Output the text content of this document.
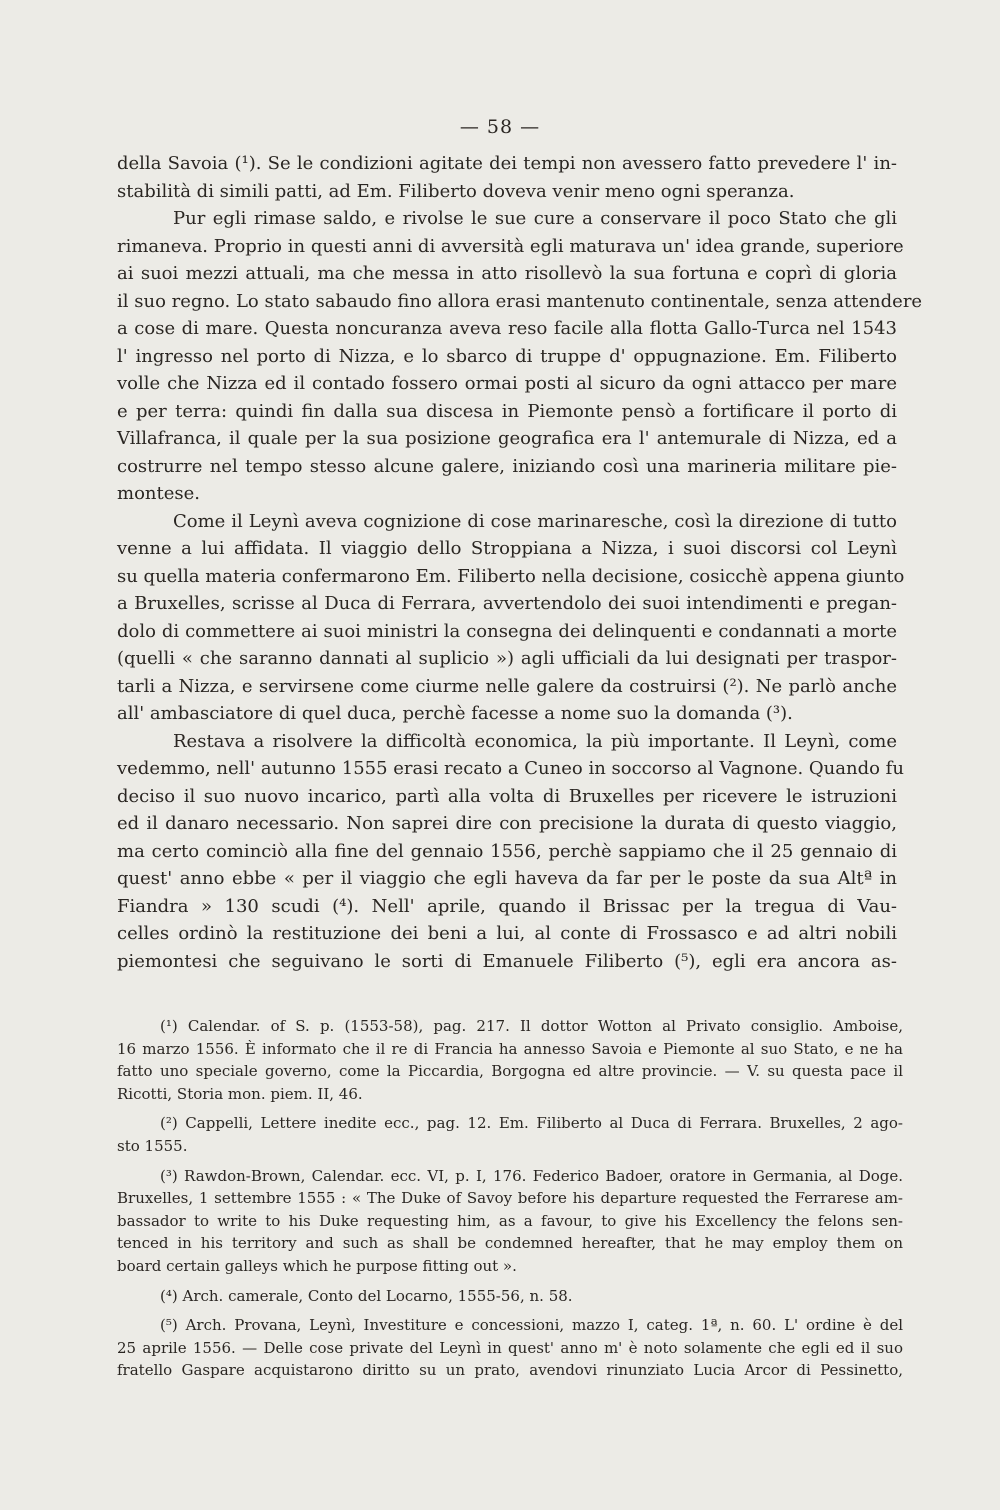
— 58 —
della Savoia (¹). Se le condizioni agitate dei tempi non avessero fatto prevedere l' in-
stabilità di simili patti, ad Em. Filiberto doveva venir meno ogni speranza.
Pur egli rimase saldo, e rivolse le sue cure a conservare il poco Stato che gli
rimaneva. Proprio in questi anni di avversità egli maturava un' idea grande, superiore
ai suoi mezzi attuali, ma che messa in atto risollevò la sua fortuna e coprì di gloria
il suo regno. Lo stato sabaudo fino allora erasi mantenuto continentale, senza attendere
a cose di mare. Questa noncuranza aveva reso facile alla flotta Gallo-Turca nel 1543
l' ingresso nel porto di Nizza, e lo sbarco di truppe d' oppugnazione. Em. Filiberto
volle che Nizza ed il contado fossero ormai posti al sicuro da ogni attacco per mare
e per terra: quindi fin dalla sua discesa in Piemonte pensò a fortificare il porto di
Villafranca, il quale per la sua posizione geografica era l' antemurale di Nizza, ed a
costrurre nel tempo stesso alcune galere, iniziando così una marineria militare pie-
montese.
Come il Leynì aveva cognizione di cose marinaresche, così la direzione di tutto
venne a lui affidata. Il viaggio dello Stroppiana a Nizza, i suoi discorsi col Leynì
su quella materia confermarono Em. Filiberto nella decisione, cosicchè appena giunto
a Bruxelles, scrisse al Duca di Ferrara, avvertendolo dei suoi intendimenti e pregan-
dolo di commettere ai suoi ministri la consegna dei delinquenti e condannati a morte
(quelli « che saranno dannati al suplicio ») agli ufficiali da lui designati per traspor-
tarli a Nizza, e servirsene come ciurme nelle galere da costruirsi (²). Ne parlò anche
all' ambasciatore di quel duca, perchè facesse a nome suo la domanda (³).
Restava a risolvere la difficoltà economica, la più importante. Il Leynì, come
vedemmo, nell' autunno 1555 erasi recato a Cuneo in soccorso al Vagnone. Quando fu
deciso il suo nuovo incarico, partì alla volta di Bruxelles per ricevere le istruzioni
ed il danaro necessario. Non saprei dire con precisione la durata di questo viaggio,
ma certo cominciò alla fine del gennaio 1556, perchè sappiamo che il 25 gennaio di
quest' anno ebbe « per il viaggio che egli haveva da far per le poste da sua Altª in
Fiandra » 130 scudi (⁴). Nell' aprile, quando il Brissac per la tregua di Vau-
celles ordinò la restituzione dei beni a lui, al conte di Frossasco e ad altri nobili
piemontesi che seguivano le sorti di Emanuele Filiberto (⁵), egli era ancora as-
(¹) Calendar. of S. p. (1553-58), pag. 217. Il dottor Wotton al Privato consiglio. Amboise,
16 marzo 1556. È informato che il re di Francia ha annesso Savoia e Piemonte al suo Stato, e ne ha
fatto uno speciale governo, come la Piccardia, Borgogna ed altre provincie. — V. su questa pace il
Ricotti, Storia mon. piem. II, 46.
(²) Cappelli, Lettere inedite ecc., pag. 12. Em. Filiberto al Duca di Ferrara. Bruxelles, 2 ago-
sto 1555.
(³) Rawdon-Brown, Calendar. ecc. VI, p. I, 176. Federico Badoer, oratore in Germania, al Doge.
Bruxelles, 1 settembre 1555 : « The Duke of Savoy before his departure requested the Ferrarese am-
bassador to write to his Duke requesting him, as a favour, to give his Excellency the felons sen-
tenced in his territory and such as shall be condemned hereafter, that he may employ them on
board certain galleys which he purpose fitting out ».
(⁴) Arch. camerale, Conto del Locarno, 1555-56, n. 58.
(⁵) Arch. Provana, Leynì, Investiture e concessioni, mazzo I, categ. 1ª, n. 60. L' ordine è del
25 aprile 1556. — Delle cose private del Leynì in quest' anno m' è noto solamente che egli ed il suo
fratello Gaspare acquistarono diritto su un prato, avendovi rinunziato Lucia Arcor di Pessinetto,
